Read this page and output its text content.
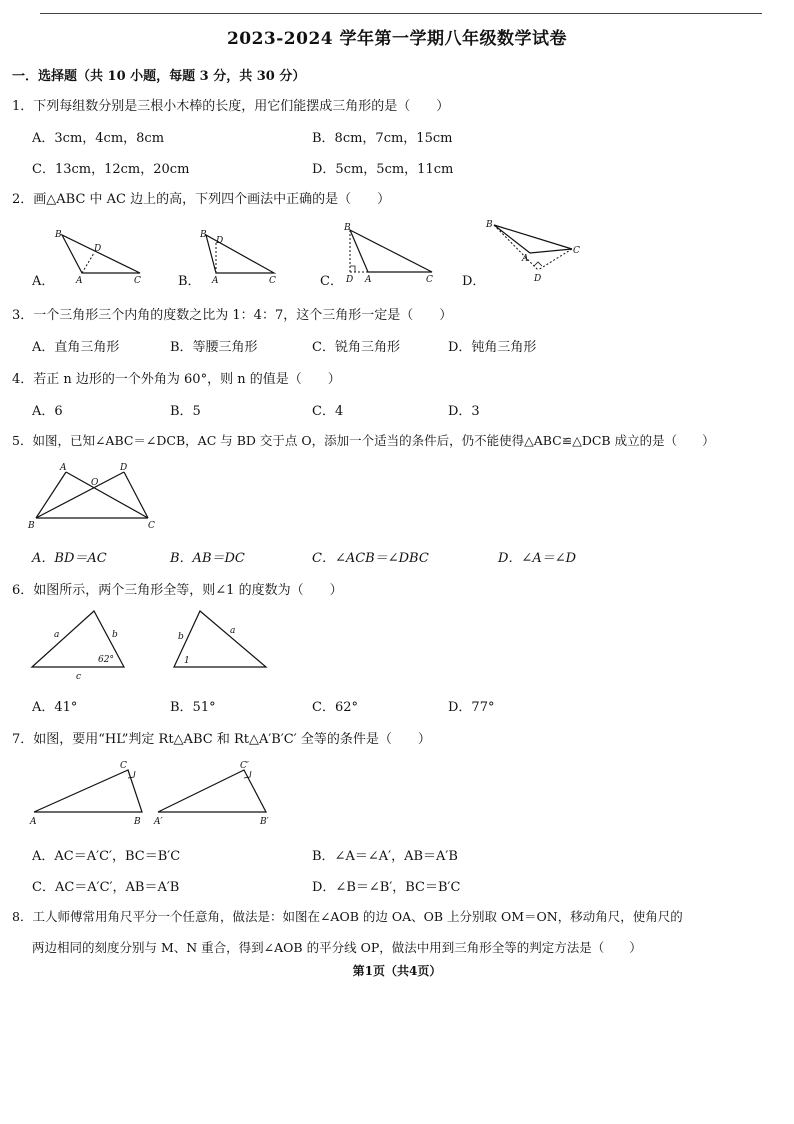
2023-2024 学年第一学期八年级数学试卷
一．选择题（共 10 小题，每题 3 分，共 30 分）
1．下列每组数分别是三根小木棒的长度，用它们能摆成三角形的是（　　）
A．3cm，4cm，8cm	B．8cm，7cm，15cm
C．13cm，12cm，20cm	D．5cm，5cm，11cm
2．画△ABC 中 AC 边上的高，下列四个画法中正确的是（　　）
A．
B
D
A	C	B．
B
D
A	C	C．
B
D A	C D．
B
C
A
D
3．一个三角形三个内角的度数之比为 1：4：7，这个三角形一定是（　　）
A．直角三角形	B．等腰三角形	C．锐角三角形	D．钝角三角形
4．若正 n 边形的一个外角为 60°，则 n 的值是（　　）
A．6	B．5	C．4	D．3
5．如图，已知∠ABC＝∠DCB，AC 与 BD 交于点 O，添加一个适当的条件后，仍不能使得△ABC≌△DCB 成立的是（　　）
A
O
D
B	C
A．BD＝AC	B．AB＝DC	C．∠ACB＝∠DBC	D．∠A＝∠D
6．如图所示，两个三角形全等，则∠1 的度数为（　　）
a	b
62°
c
b
a
1
A．41°	B．51°	C．62°	D．77°
7．如图，要用“HL”判定 Rt△ABC 和 Rt△A′B′C′ 全等的条件是（　　）
C
A	B
C′
A′	B′
A．AC＝A′C′，BC＝B′C	B．∠A＝∠A′，AB＝A′B
C．AC＝A′C′，AB＝A′B	D．∠B＝∠B′，BC＝B′C
8．工人师傅常用角尺平分一个任意角，做法是：如图在∠AOB 的边 OA、OB 上分别取 OM＝ON，移动角尺，使角尺的
两边相同的刻度分别与 M、N 重合，得到∠AOB 的平分线 OP，做法中用到三角形全等的判定方法是（　　）
第1页（共4页）
